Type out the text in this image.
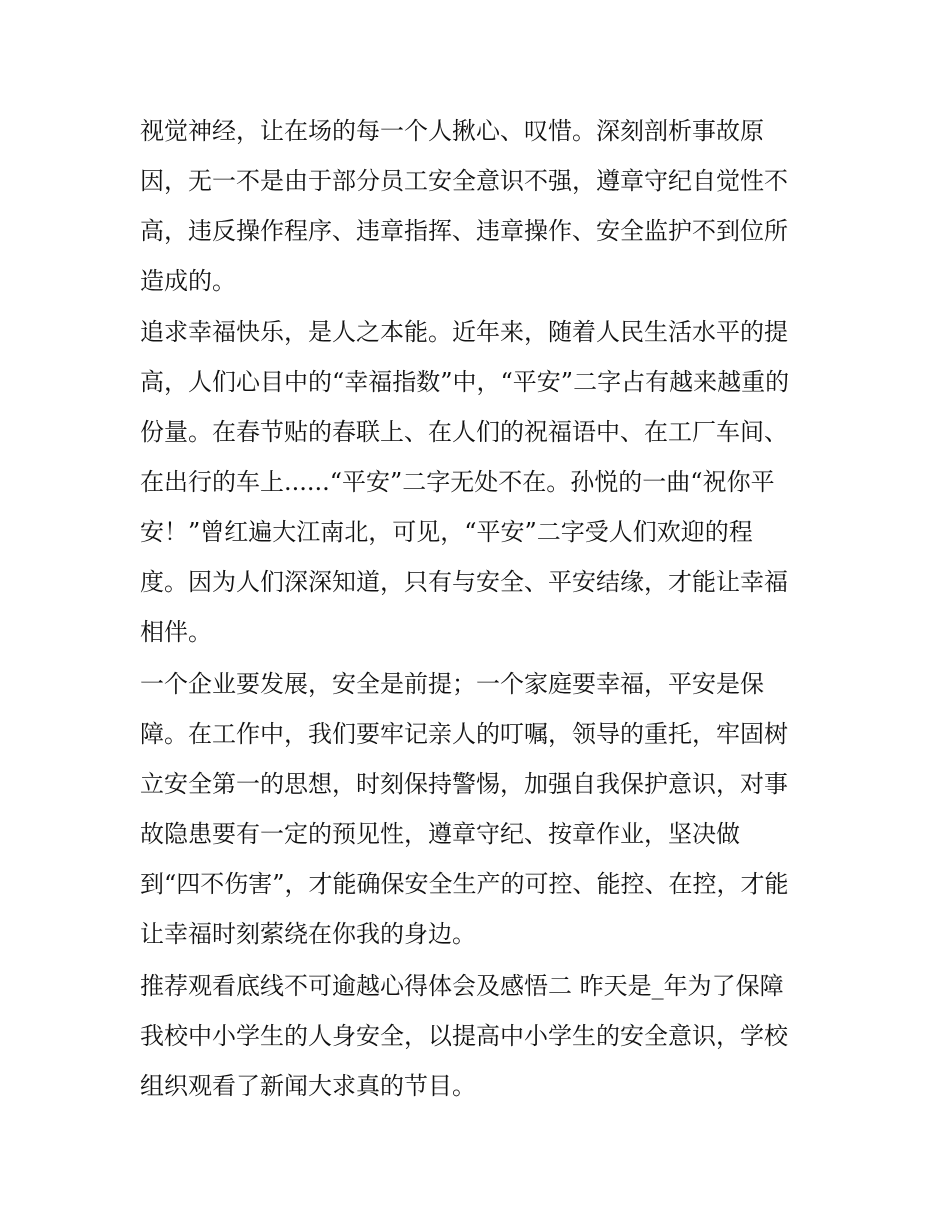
视觉神经，让在场的每一个人揪心、叹惜。深刻剖析事故原

因，无一不是由于部分员工安全意识不强，遵章守纪自觉性不

高，违反操作程序、违章指挥、违章操作、安全监护不到位所

造成的。

追求幸福快乐，是人之本能。近年来，随着人民生活水平的提

高，人们心目中的“幸福指数”中，“平安”二字占有越来越重的

份量。在春节贴的春联上、在人们的祝福语中、在工厂车间、

在出行的车上......“平安”二字无处不在。孙悦的一曲“祝你平

安！”曾红遍大江南北，可见，“平安”二字受人们欢迎的程

度。因为人们深深知道，只有与安全、平安结缘，才能让幸福

相伴。

一个企业要发展，安全是前提；一个家庭要幸福，平安是保

障。在工作中，我们要牢记亲人的叮嘱，领导的重托，牢固树

立安全第一的思想，时刻保持警惕，加强自我保护意识，对事

故隐患要有一定的预见性，遵章守纪、按章作业，坚决做

到“四不伤害”，才能确保安全生产的可控、能控、在控，才能

让幸福时刻萦绕在你我的身边。

推荐观看底线不可逾越心得体会及感悟二 昨天是_年为了保障

我校中小学生的人身安全，以提高中小学生的安全意识，学校

组织观看了新闻大求真的节目。
